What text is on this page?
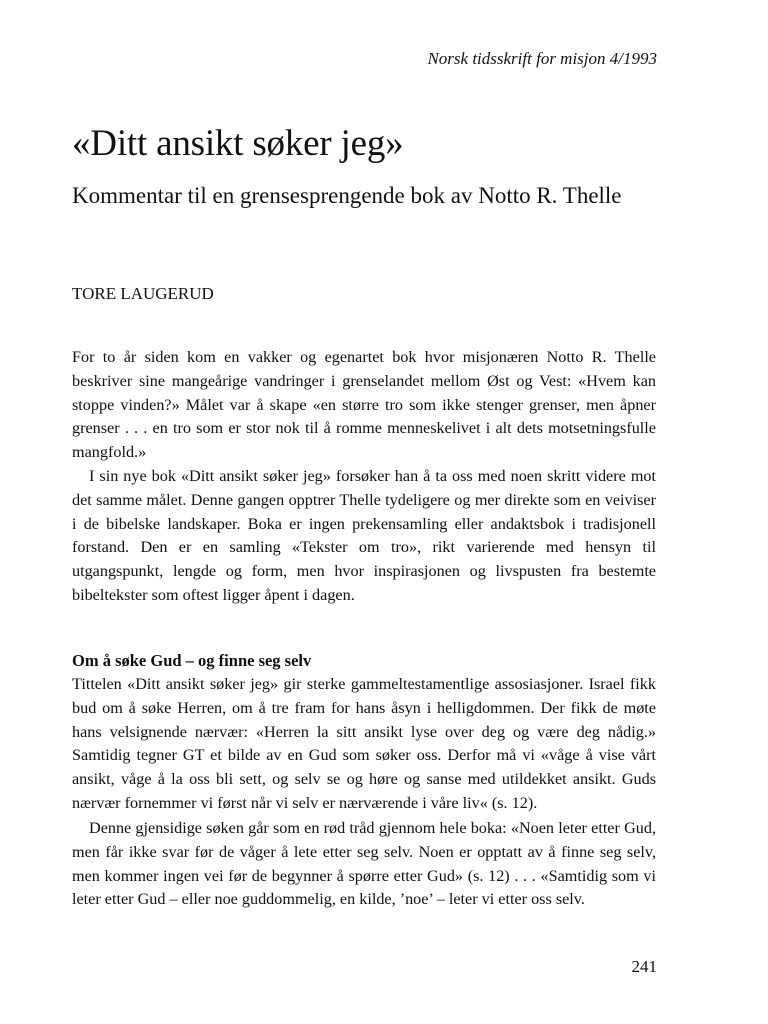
Norsk tidsskrift for misjon 4/1993
«Ditt ansikt søker jeg»
Kommentar til en grensesprengende bok av Notto R. Thelle
TORE LAUGERUD

For to år siden kom en vakker og egenartet bok hvor misjonæren Notto R. Thelle beskriver sine mangeårige vandringer i grenselandet mellom Øst og Vest: «Hvem kan stoppe vinden?» Målet var å skape «en større tro som ikke stenger grenser, men åpner grenser . . . en tro som er stor nok til å romme menneskelivet i alt dets motsetningsfulle mangfold.»

I sin nye bok «Ditt ansikt søker jeg» forsøker han å ta oss med noen skritt videre mot det samme målet. Denne gangen opptrer Thelle tydeligere og mer direkte som en veiviser i de bibelske landskaper. Boka er ingen prekensamling eller andaktsbok i tradisjonell forstand. Den er en samling «Tekster om tro», rikt varierende med hensyn til utgangspunkt, lengde og form, men hvor inspirasjonen og livspusten fra bestemte bibeltekster som oftest ligger åpent i dagen.

Om å søke Gud – og finne seg selv

Tittelen «Ditt ansikt søker jeg» gir sterke gammeltestamentlige assosiasjoner. Israel fikk bud om å søke Herren, om å tre fram for hans åsyn i helligdommen. Der fikk de møte hans velsignende nærvær: «Herren la sitt ansikt lyse over deg og være deg nådig.» Samtidig tegner GT et bilde av en Gud som søker oss. Derfor må vi «våge å vise vårt ansikt, våge å la oss bli sett, og selv se og høre og sanse med utildekket ansikt. Guds nærvær fornemmer vi først når vi selv er nærværende i våre liv« (s. 12).

Denne gjensidige søken går som en rød tråd gjennom hele boka: «Noen leter etter Gud, men får ikke svar før de våger å lete etter seg selv. Noen er opptatt av å finne seg selv, men kommer ingen vei før de begynner å spørre etter Gud» (s. 12) . . . «Samtidig som vi leter etter Gud – eller noe guddommelig, en kilde, ’noe’ – leter vi etter oss selv.

241
